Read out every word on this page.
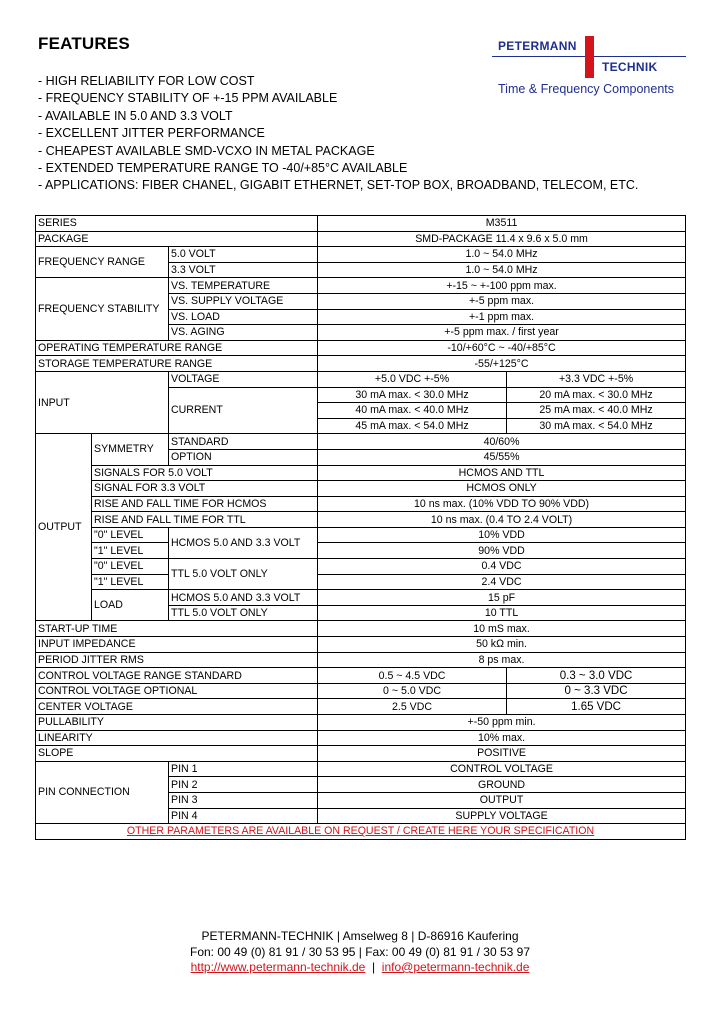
FEATURES	PETERMANN
TECHNIK
Time & Frequency Components
- HIGH RELIABILITY FOR LOW COST
- FREQUENCY STABILITY OF +-15 PPM AVAILABLE
- AVAILABLE IN 5.0 AND 3.3 VOLT
- EXCELLENT JITTER PERFORMANCE
- CHEAPEST AVAILABLE SMD-VCXO IN METAL PACKAGE
- EXTENDED TEMPERATURE RANGE TO -40/+85°C AVAILABLE
- APPLICATIONS: FIBER CHANEL, GIGABIT ETHERNET, SET-TOP BOX, BROADBAND, TELECOM, ETC.
SERIES			M3511	
PACKAGE			SMD-PACKAGE 11.4 x 9.6 x 5.0 mm	
FREQUENCY RANGE		5.0 VOLT	1.0 ~ 54.0 MHz	
		3.3 VOLT	1.0 ~ 54.0 MHz	
FREQUENCY STABILITY		VS. TEMPERATURE	+-15 ~ +-100 ppm max.	
		VS. SUPPLY VOLTAGE	+-5 ppm max.	
		VS. LOAD	+-1 ppm max.	
		VS. AGING	+-5 ppm max. / first year	
OPERATING TEMPERATURE RANGE			-10/+60°C ~ -40/+85°C	
STORAGE TEMPERATURE RANGE			-55/+125°C	
INPUT		VOLTAGE	+5.0 VDC +-5%	+3.3 VDC +-5%
		CURRENT	30 mA max. < 30.0 MHz	20 mA max. < 30.0 MHz
			40 mA max. < 40.0 MHz	25 mA max. < 40.0 MHz
			45 mA max. < 54.0 MHz	30 mA max. < 54.0 MHz
OUTPUT	SYMMETRY	STANDARD	40/60%	
		OPTION	45/55%	
	SIGNALS FOR 5.0 VOLT		HCMOS AND TTL	
	SIGNAL FOR 3.3 VOLT		HCMOS ONLY	
	RISE AND FALL TIME FOR HCMOS		10 ns max. (10% VDD TO 90% VDD)	
	RISE AND FALL TIME FOR TTL		10 ns max. (0.4 TO 2.4 VOLT)	
	"0" LEVEL	HCMOS 5.0 AND 3.3 VOLT	10% VDD	
	"1" LEVEL		90% VDD	
	"0" LEVEL	TTL 5.0 VOLT ONLY	0.4 VDC	
	"1" LEVEL		2.4 VDC	
	LOAD	HCMOS 5.0 AND 3.3 VOLT	15 pF	
		TTL 5.0 VOLT ONLY	10 TTL	
START-UP TIME			10 mS max.	
INPUT IMPEDANCE			50 kΩ min.	
PERIOD JITTER RMS			8 ps max.	
CONTROL VOLTAGE RANGE STANDARD			0.5 ~ 4.5 VDC	0.3 ~ 3.0 VDC
CONTROL VOLTAGE OPTIONAL			0 ~ 5.0 VDC	0 ~ 3.3 VDC
CENTER VOLTAGE			2.5 VDC	1.65 VDC
PULLABILITY			+-50 ppm min.	
LINEARITY			10% max.	
SLOPE			POSITIVE	
PIN CONNECTION		PIN 1	CONTROL VOLTAGE	
		PIN 2	GROUND	
		PIN 3	OUTPUT	
		PIN 4	SUPPLY VOLTAGE	
OTHER PARAMETERS ARE AVAILABLE ON REQUEST / CREATE HERE YOUR SPECIFICATION				
PETERMANN-TECHNIK | Amselweg 8 | D-86916 Kaufering
Fon: 00 49 (0) 81 91 / 30 53 95 | Fax: 00 49 (0) 81 91 / 30 53 97
http://www.petermann-technik.de  |  info@petermann-technik.de
